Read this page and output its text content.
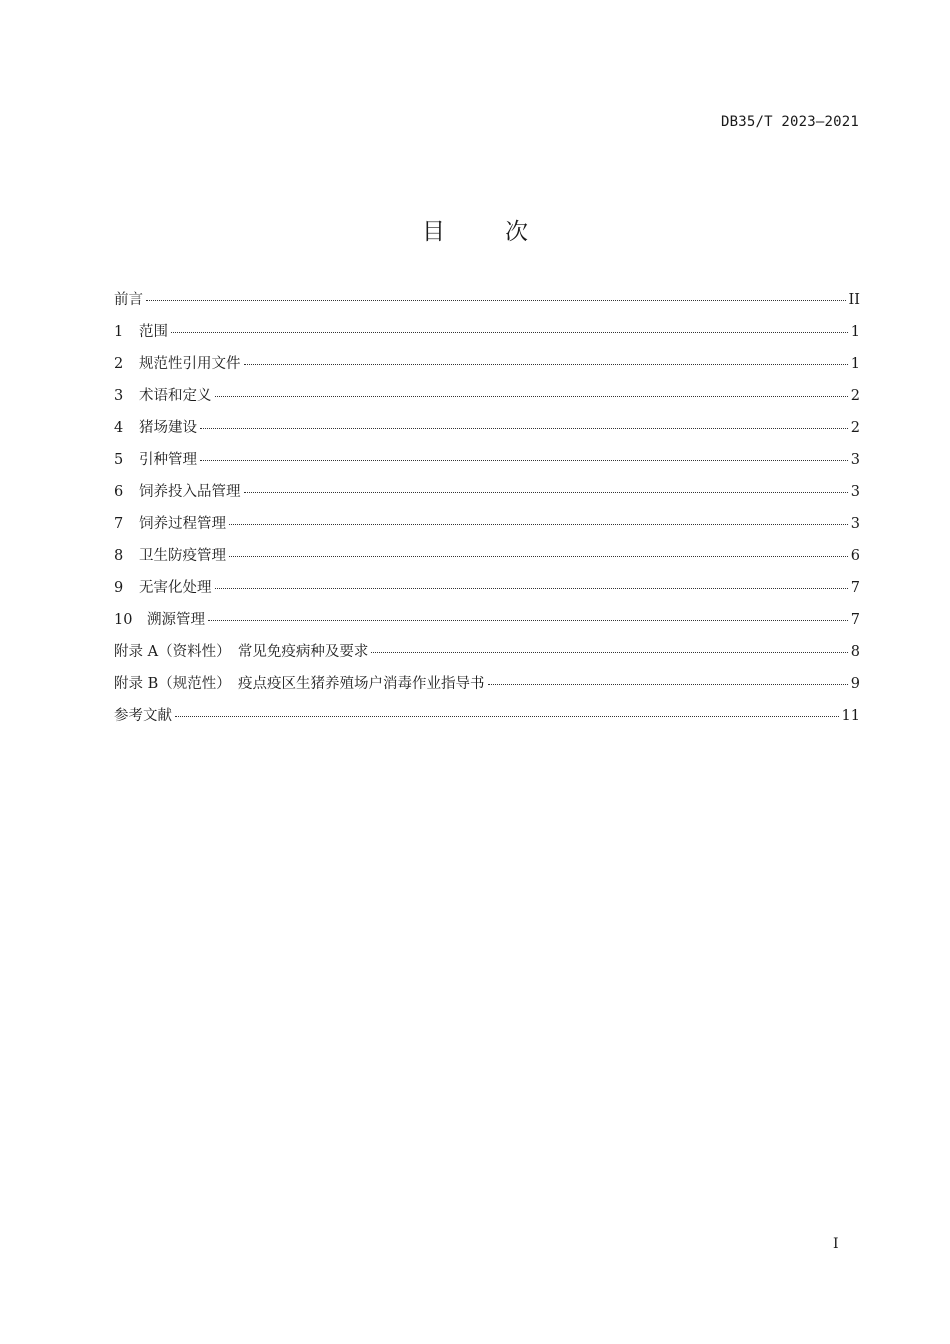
DB35/T 2023—2021
目次
前言	II
1	范围	1
2	规范性引用文件	1
3	术语和定义	2
4	猪场建设	2
5	引种管理	3
6	饲养投入品管理	3
7	饲养过程管理	3
8	卫生防疫管理	6
9	无害化处理	7
10	溯源管理	7
附录 A（资料性）　常见免疫病种及要求	8
附录 B（规范性）　疫点疫区生猪养殖场户消毒作业指导书	9
参考文献	11
I
